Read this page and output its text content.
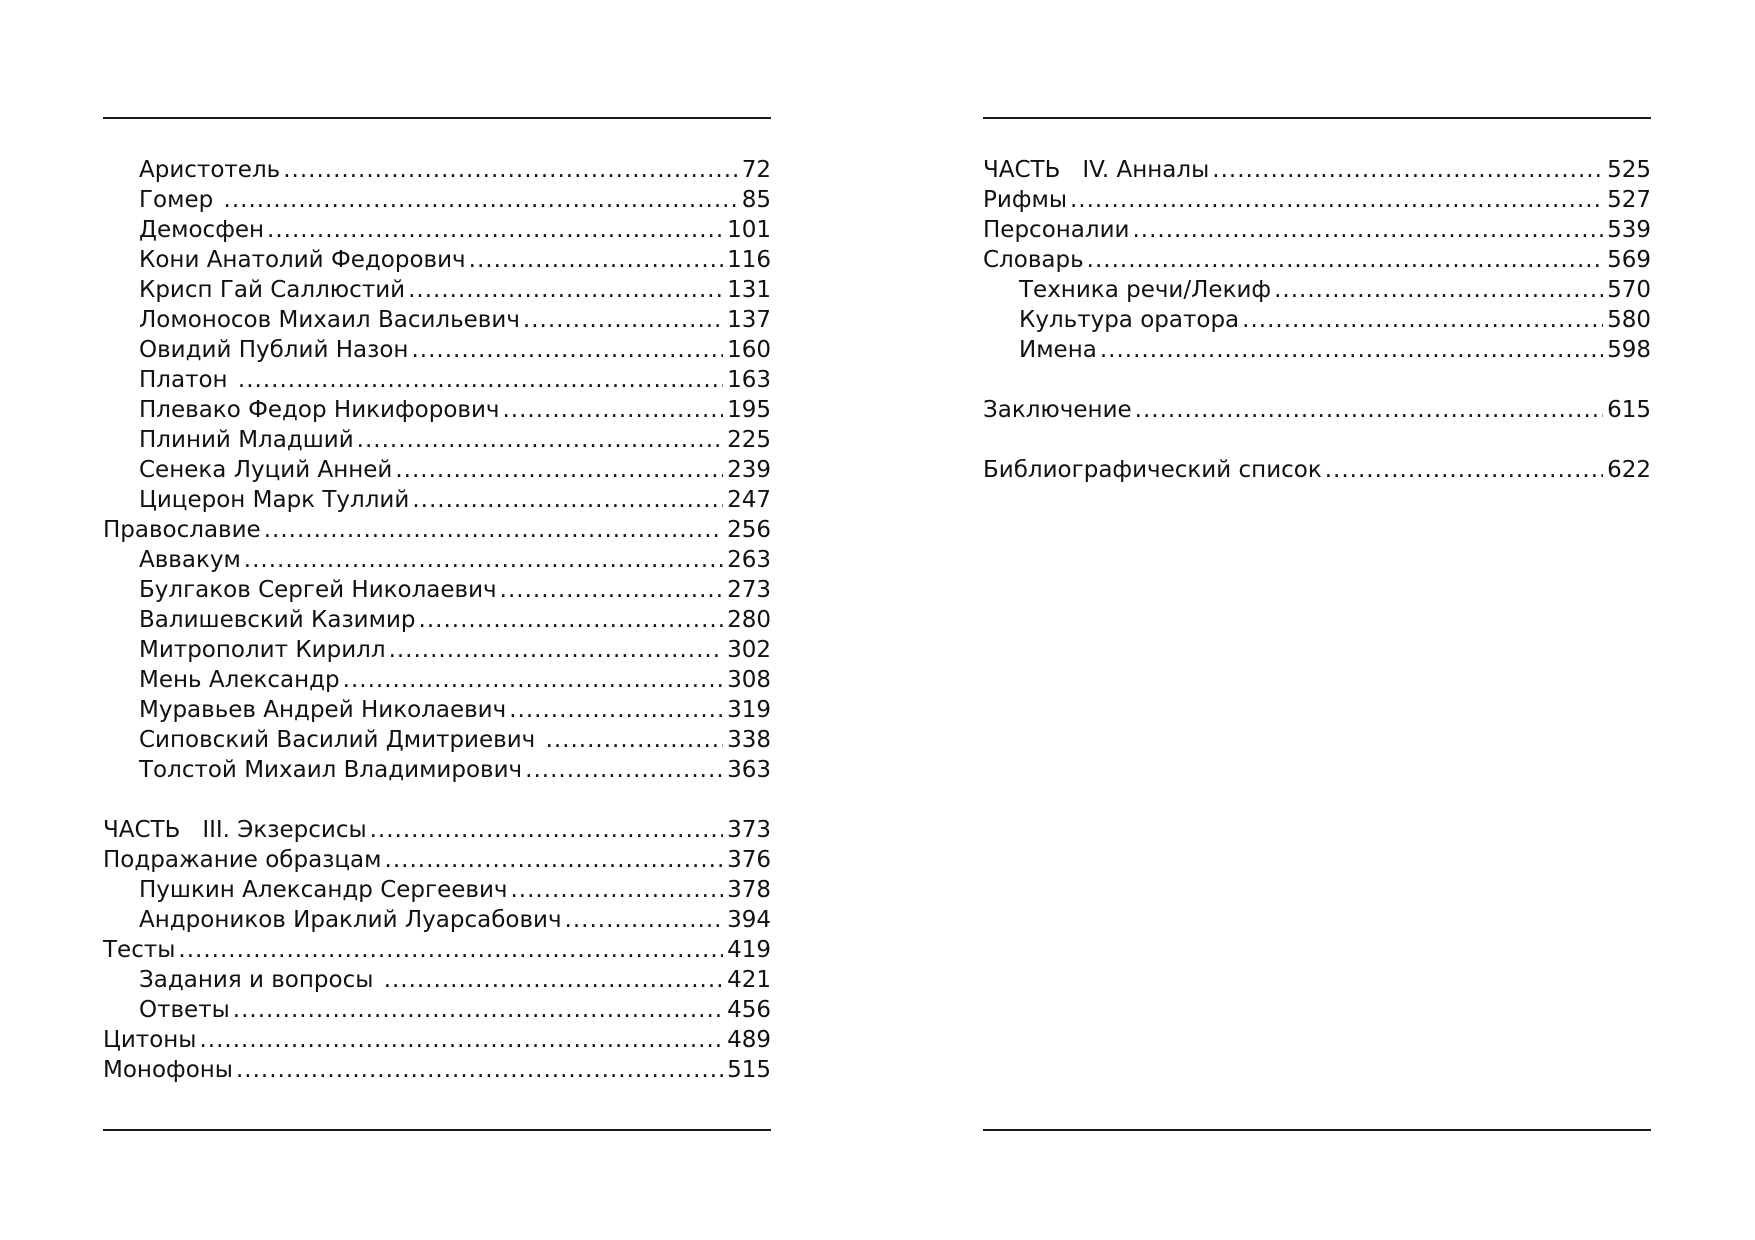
Аристотель .....	72
Гомер .....	85
Демосфен .....	101
Кони Анатолий Федорович .....	116
Крисп Гай Саллюстий .....	131
Ломоносов Михаил Васильевич .....	137
Овидий Публий Назон .....	160
Платон .....	163
Плевако Федор Никифорович .....	195
Плиний Младший .....	225
Сенека Луций Анней .....	239
Цицерон Марк Туллий .....	247
Православие .....	256
Аввакум .....	263
Булгаков Сергей Николаевич .....	273
Валишевский Казимир .....	280
Митрополит Кирилл .....	302
Мень Александр .....	308
Муравьев Андрей Николаевич .....	319
Сиповский Василий Дмитриевич .....	338
Толстой Михаил Владимирович .....	363
ЧАСТЬ   III. Экзерсисы .....	373
Подражание образцам .....	376
Пушкин Александр Сергеевич .....	378
Андроников Ираклий Луарсабович .....	394
Тесты .....	419
Задания и вопросы .....	421
Ответы .....	456
Цитоны .....	489
Монофоны .....	515
ЧАСТЬ   IV. Анналы .....	525
Рифмы .....	527
Персоналии .....	539
Словарь .....	569
Техника речи/Лекиф .....	570
Культура оратора .....	580
Имена .....	598
Заключение .....	615
Библиографический список .....	622
